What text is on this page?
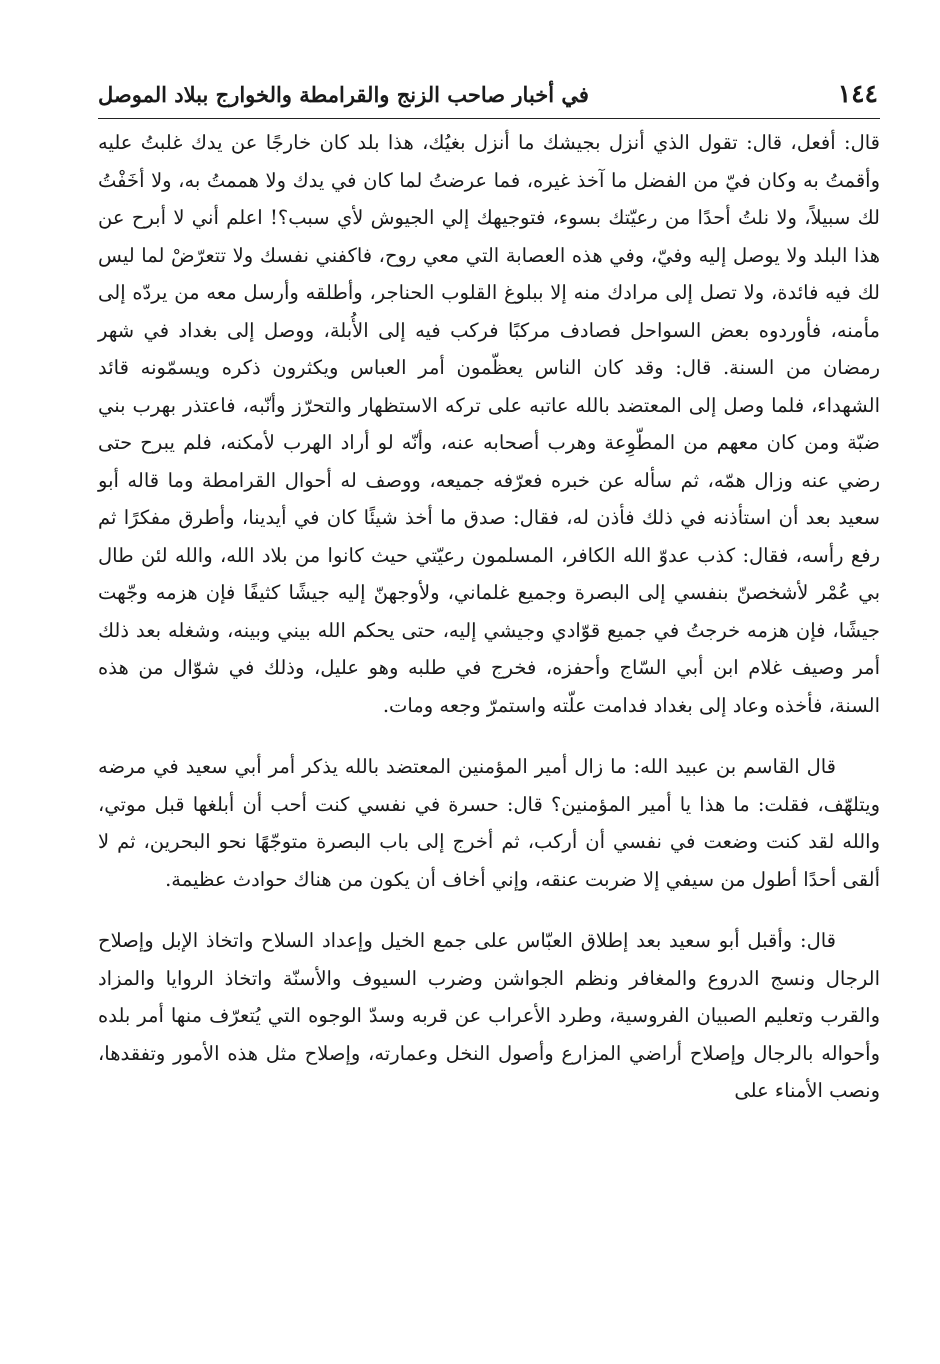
١٤٤
في أخبار صاحب الزنج والقرامطة والخوارج ببلاد الموصل

قال: أفعل، قال: تقول الذي أنزل بجيشك ما أنزل بغيُك، هذا بلد كان خارجًا عن يدك غلبتُ عليه وأقمتُ به وكان فيّ من الفضل ما آخذ غيره، فما عرضتُ لما كان في يدك ولا هممتُ به، ولا أخَفْتُ لك سبيلاً، ولا نلتُ أحدًا من رعيّتك بسوء، فتوجيهك إلي الجيوش لأي سبب؟! اعلم أني لا أبرح عن هذا البلد ولا يوصل إليه وفيّ، وفي هذه العصابة التي معي روح، فاكفني نفسك ولا تتعرّضْ لما ليس لك فيه فائدة، ولا تصل إلى مرادك منه إلا ببلوغ القلوب الحناجر، وأطلقه وأرسل معه من يردّه إلى مأمنه، فأوردوه بعض السواحل فصادف مركبًا فركب فيه إلى الأُبلة، ووصل إلى بغداد في شهر رمضان من السنة. قال: وقد كان الناس يعظّمون أمر العباس ويكثرون ذكره ويسمّونه قائد الشهداء، فلما وصل إلى المعتضد بالله عاتبه على تركه الاستظهار والتحرّز وأنّبه، فاعتذر بهرب بني ضبّة ومن كان معهم من المطّوِعة وهرب أصحابه عنه، وأنّه لو أراد الهرب لأمكنه، فلم يبرح حتى رضي عنه وزال همّه، ثم سأله عن خبره فعرّفه جميعه، ووصف له أحوال القرامطة وما قاله أبو سعيد بعد أن استأذنه في ذلك فأذن له، فقال: صدق ما أخذ شيئًا كان في أيدينا، وأطرق مفكرًا ثم رفع رأسه، فقال: كذب عدوّ الله الكافر، المسلمون رعيّتي حيث كانوا من بلاد الله، والله لئن طال بي عُمْر لأشخصنّ بنفسي إلى البصرة وجميع غلماني، ولأوجهنّ إليه جيشًا كثيفًا فإن هزمه وجّهت جيشًا، فإن هزمه خرجتُ في جميع قوّادي وجيشي إليه، حتى يحكم الله بيني وبينه، وشغله بعد ذلك أمر وصيف غلام ابن أبي السّاج وأحفزه، فخرج في طلبه وهو عليل، وذلك في شوّال من هذه السنة، فأخذه وعاد إلى بغداد فدامت علّته واستمرّ وجعه ومات.

قال القاسم بن عبيد الله: ما زال أمير المؤمنين المعتضد بالله يذكر أمر أبي سعيد في مرضه ويتلهّف، فقلت: ما هذا يا أمير المؤمنين؟ قال: حسرة في نفسي كنت أحب أن أبلغها قبل موتي، والله لقد كنت وضعت في نفسي أن أركب، ثم أخرج إلى باب البصرة متوجّهًا نحو البحرين، ثم لا ألقى أحدًا أطول من سيفي إلا ضربت عنقه، وإني أخاف أن يكون من هناك حوادث عظيمة.

قال: وأقبل أبو سعيد بعد إطلاق العبّاس على جمع الخيل وإعداد السلاح واتخاذ الإبل وإصلاح الرجال ونسج الدروع والمغافر ونظم الجواشن وضرب السيوف والأسنّة واتخاذ الروايا والمزاد والقرب وتعليم الصبيان الفروسية، وطرد الأعراب عن قربه وسدّ الوجوه التي يُتعرّف منها أمر بلده وأحواله بالرجال وإصلاح أراضي المزارع وأصول النخل وعمارته، وإصلاح مثل هذه الأمور وتفقدها، ونصب الأمناء على
